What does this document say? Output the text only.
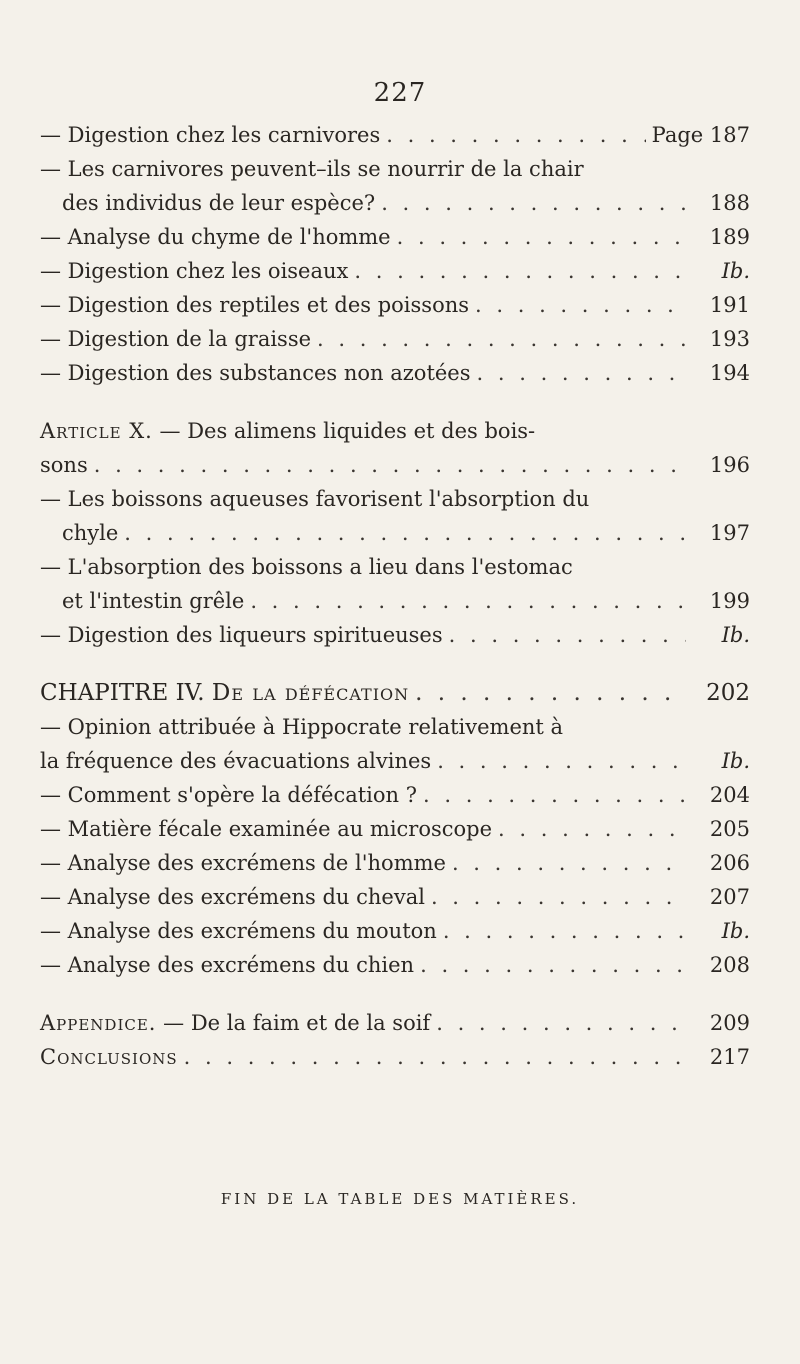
227
— Digestion chez les carnivores . . .	Page 187
— Les carnivores peuvent–ils se nourrir de la chair
des individus de leur espèce? . . .	188
— Analyse du chyme de l'homme . . .	189
— Digestion chez les oiseaux . . .	Ib.
— Digestion des reptiles et des poissons . . .	191
— Digestion de la graisse . . .	193
— Digestion des substances non azotées . . .	194
Article X. — Des alimens liquides et des bois-
sons . . .	196
— Les boissons aqueuses favorisent l'absorption du
chyle . . .	197
— L'absorption des boissons a lieu dans l'estomac
et l'intestin grêle . . .	199
— Digestion des liqueurs spiritueuses . . .	Ib.
CHAPITRE IV. De la défécation . . .	202
— Opinion attribuée à Hippocrate relativement à
la fréquence des évacuations alvines . . .	Ib.
— Comment s'opère la défécation ? . . .	204
— Matière fécale examinée au microscope . . .	205
— Analyse des excrémens de l'homme . . .	206
— Analyse des excrémens du cheval . . .	207
— Analyse des excrémens du mouton . . .	Ib.
— Analyse des excrémens du chien . . .	208
Appendice. — De la faim et de la soif . . .	209
Conclusions . . .	217
FIN DE LA TABLE DES MATIÈRES.
